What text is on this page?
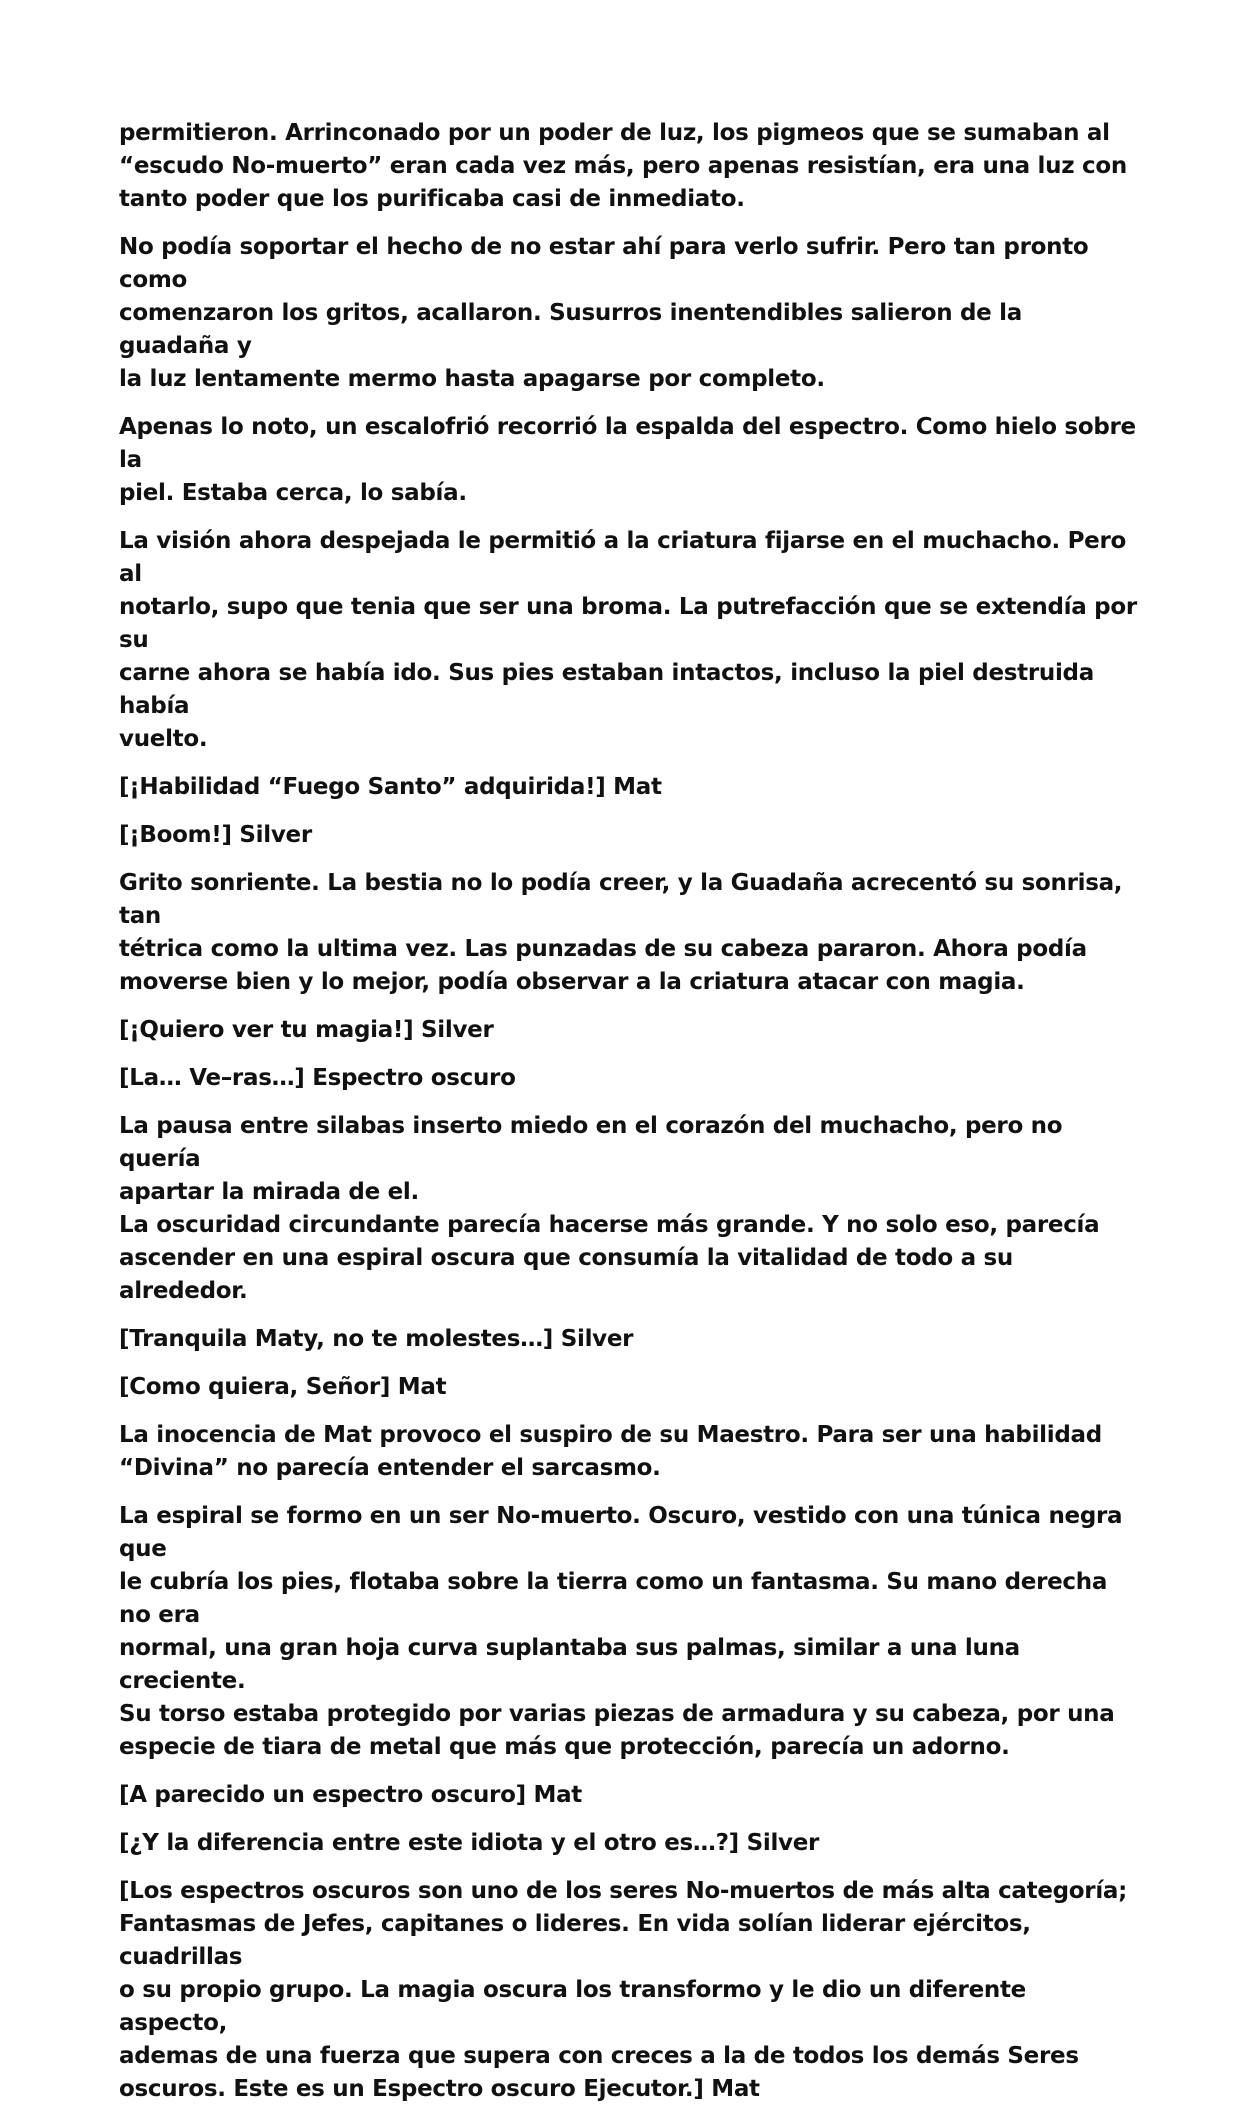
permitieron. Arrinconado por un poder de luz, los pigmeos que se sumaban al
“escudo No-muerto” eran cada vez más, pero apenas resistían, era una luz con
tanto poder que los purificaba casi de inmediato.

No podía soportar el hecho de no estar ahí para verlo sufrir. Pero tan pronto como
comenzaron los gritos, acallaron. Susurros inentendibles salieron de la guadaña y
la luz lentamente mermo hasta apagarse por completo.

Apenas lo noto, un escalofrió recorrió la espalda del espectro. Como hielo sobre la
piel. Estaba cerca, lo sabía.

La visión ahora despejada le permitió a la criatura fijarse en el muchacho. Pero al
notarlo, supo que tenia que ser una broma. La putrefacción que se extendía por su
carne ahora se había ido. Sus pies estaban intactos, incluso la piel destruida había
vuelto.

[¡Habilidad “Fuego Santo” adquirida!] Mat

[¡Boom!] Silver

Grito sonriente. La bestia no lo podía creer, y la Guadaña acrecentó su sonrisa, tan
tétrica como la ultima vez. Las punzadas de su cabeza pararon. Ahora podía
moverse bien y lo mejor, podía observar a la criatura atacar con magia.

[¡Quiero ver tu magia!] Silver

[La… Ve–ras…] Espectro oscuro

La pausa entre silabas inserto miedo en el corazón del muchacho, pero no quería
apartar la mirada de el.
La oscuridad circundante parecía hacerse más grande. Y no solo eso, parecía
ascender en una espiral oscura que consumía la vitalidad de todo a su alrededor.

[Tranquila Maty, no te molestes…] Silver

[Como quiera, Señor] Mat

La inocencia de Mat provoco el suspiro de su Maestro. Para ser una habilidad
“Divina” no parecía entender el sarcasmo.

La espiral se formo en un ser No-muerto. Oscuro, vestido con una túnica negra que
le cubría los pies, flotaba sobre la tierra como un fantasma. Su mano derecha no era
normal, una gran hoja curva suplantaba sus palmas, similar a una luna creciente.
Su torso estaba protegido por varias piezas de armadura y su cabeza, por una
especie de tiara de metal que más que protección, parecía un adorno.

[A parecido un espectro oscuro] Mat

[¿Y la diferencia entre este idiota y el otro es…?] Silver

[Los espectros oscuros son uno de los seres No-muertos de más alta categoría;
Fantasmas de Jefes, capitanes o lideres. En vida solían liderar ejércitos, cuadrillas
o su propio grupo. La magia oscura los transformo y le dio un diferente aspecto,
ademas de una fuerza que supera con creces a la de todos los demás Seres
oscuros. Este es un Espectro oscuro Ejecutor.] Mat
